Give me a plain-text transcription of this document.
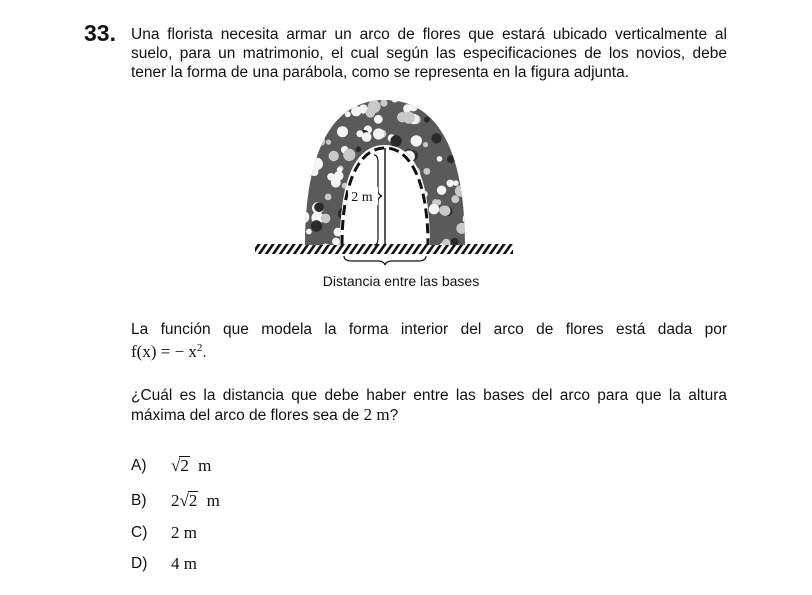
33. Una florista necesita armar un arco de flores que estará ubicado verticalmente al
suelo, para un matrimonio, el cual según las especificaciones de los novios, debe
tener la forma de una parábola, como se representa en la figura adjunta.
2 m
Distancia entre las bases
La función que modela la forma interior del arco de flores está dada por
f(x) = − $x^2$.
¿Cuál es la distancia que debe haber entre las bases del arco para que la altura
máxima del arco de flores sea de 2 m?
A)	√2 m
B)	2√2 m
C)	2 m
D)	4 m
